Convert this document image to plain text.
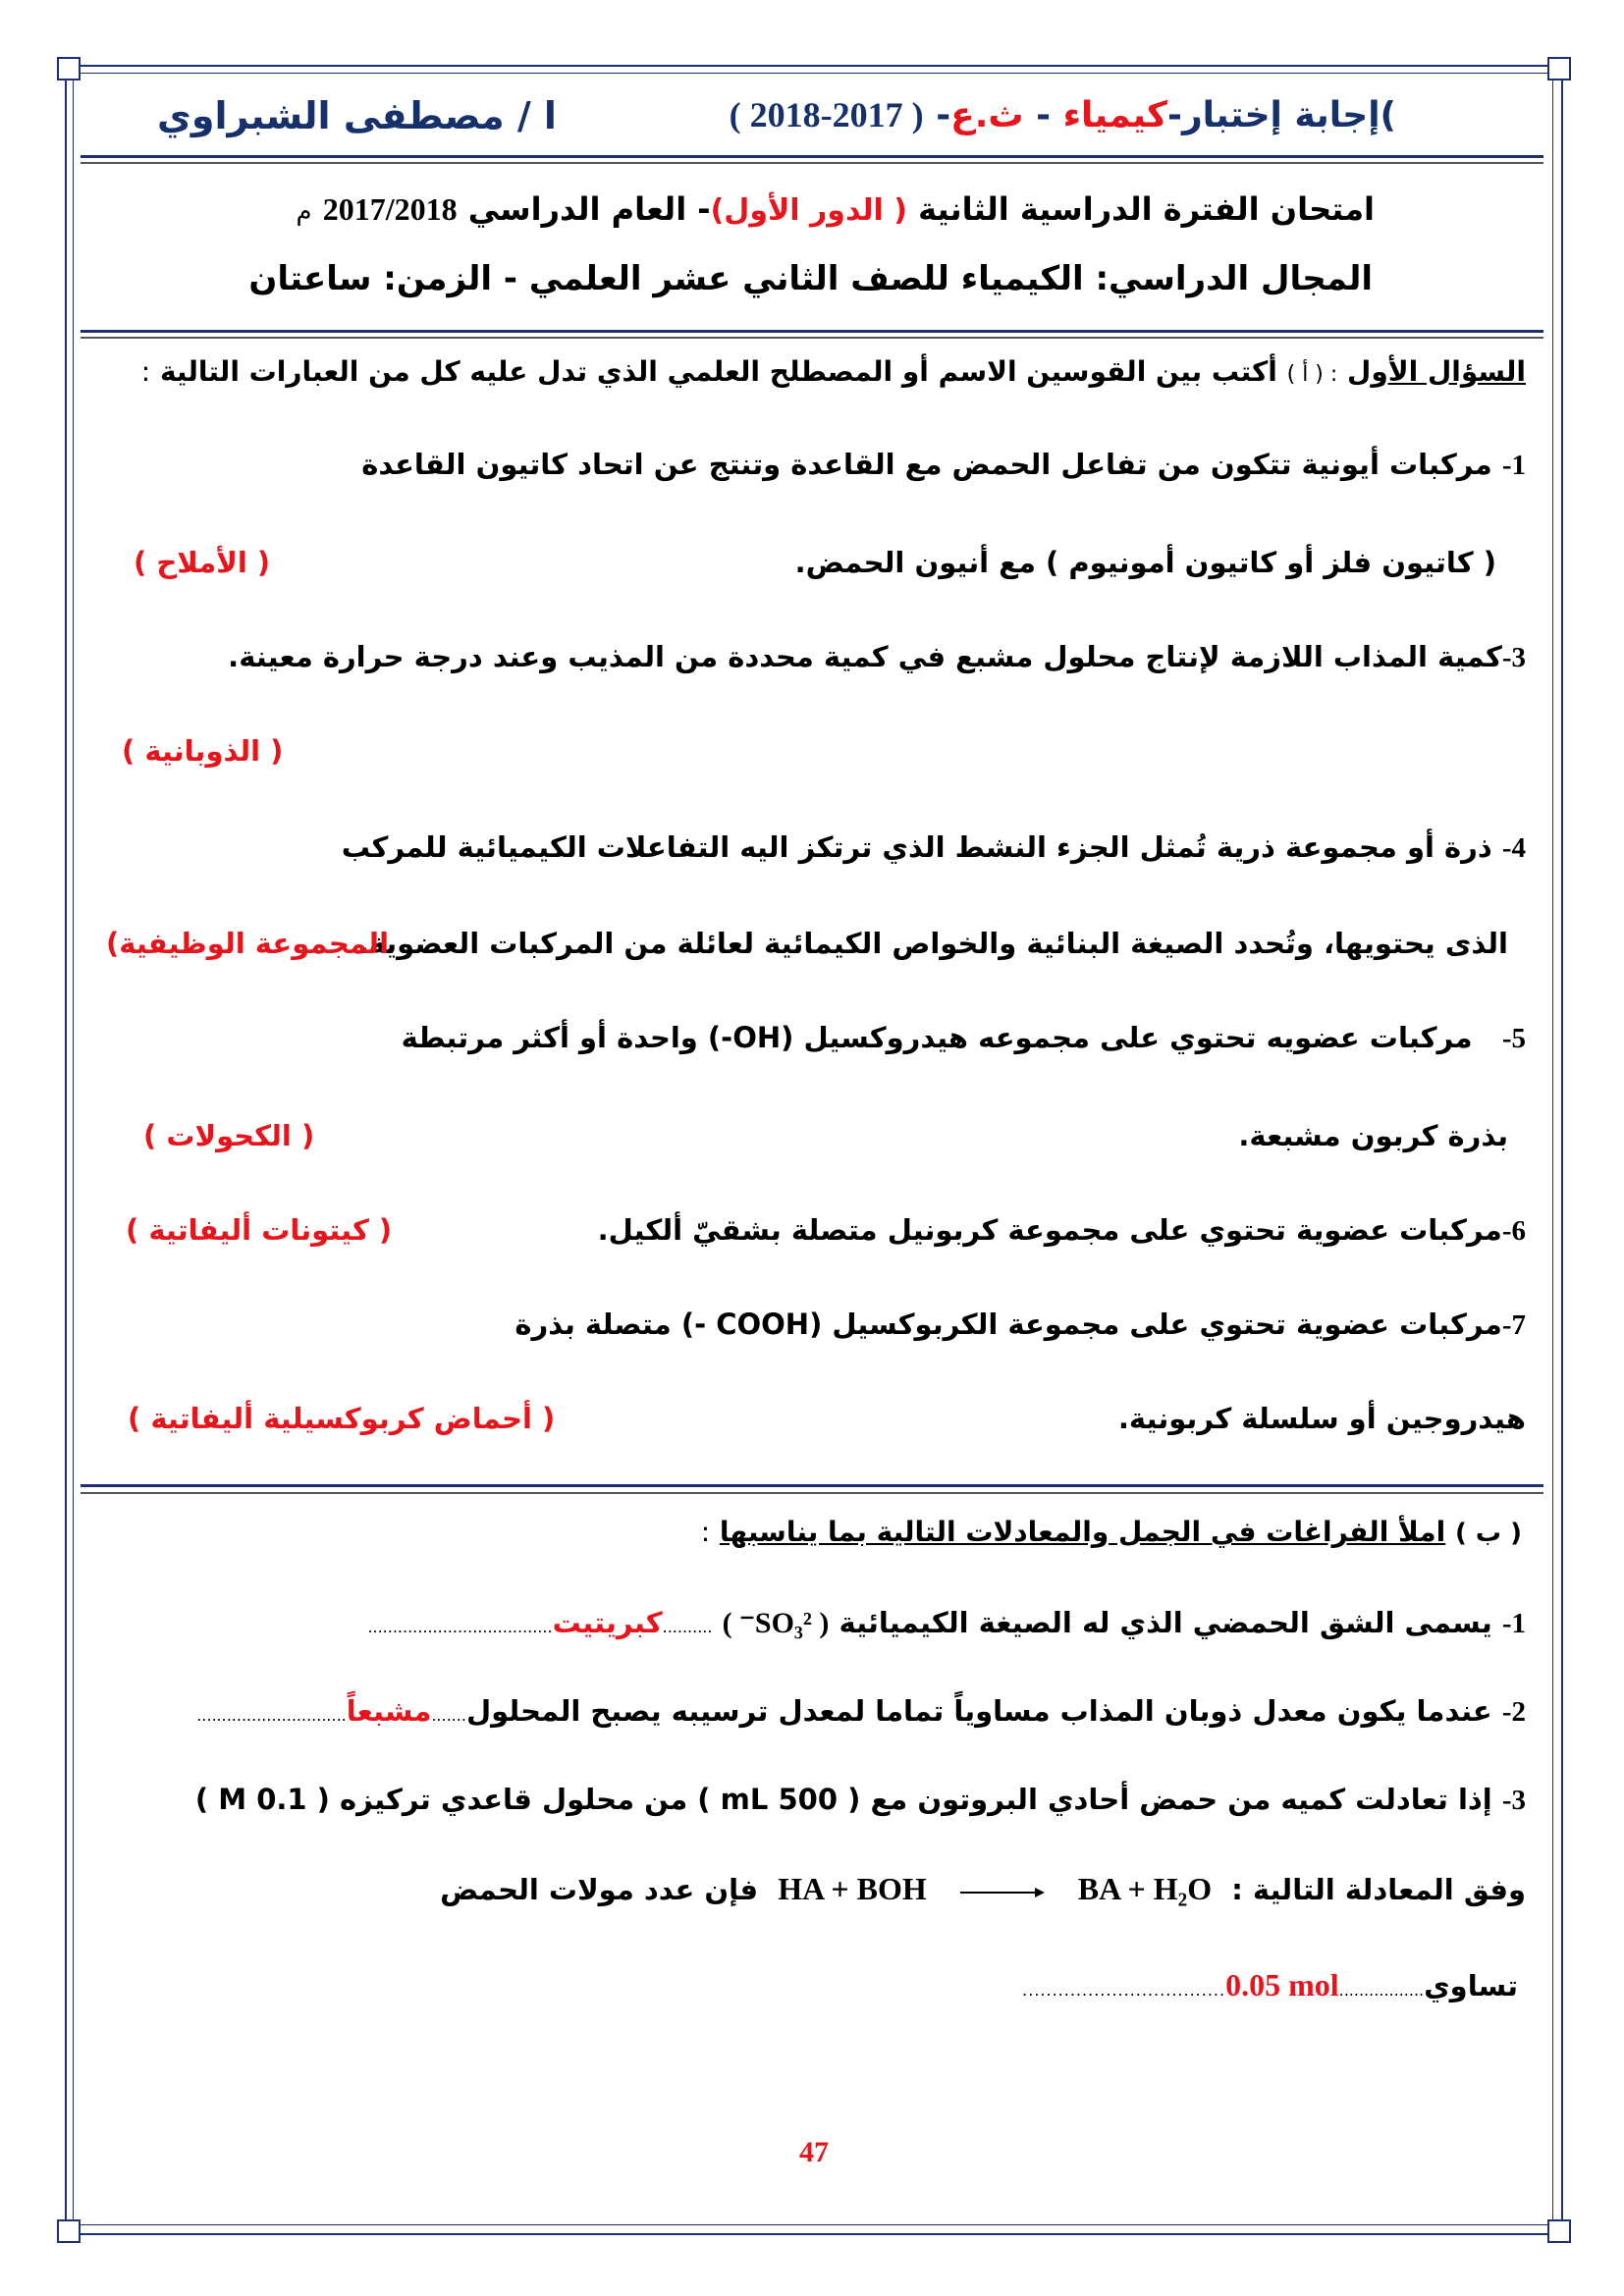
)إجابة إختبار-كيمياء - ث.ع- ( 2017-2018 )
ا / مصطفى الشبراوي
امتحان الفترة الدراسية الثانية ( الدور الأول)- العام الدراسي 2017/2018 م
المجال الدراسي: الكيمياء للصف الثاني عشر العلمي - الزمن: ساعتان
السؤال الأول : ( أ ) أكتب بين القوسين الاسم أو المصطلح العلمي الذي تدل عليه كل من العبارات التالية :
1- مركبات أيونية تتكون من تفاعل الحمض مع القاعدة وتنتج عن اتحاد كاتيون القاعدة
( كاتيون فلز أو كاتيون أمونيوم ) مع أنيون الحمض.
( الأملاح )
3-كمية المذاب اللازمة لإنتاج محلول مشبع في كمية محددة من المذيب وعند درجة حرارة معينة.
( الذوبانية )
4- ذرة أو مجموعة ذرية تُمثل الجزء النشط الذي ترتكز اليه التفاعلات الكيميائية للمركب
الذى يحتويها، وتُحدد الصيغة البنائية والخواص الكيمائية لعائلة من المركبات العضوية.
المجموعة الوظيفية)
5-   مركبات عضويه تحتوي على مجموعه هيدروكسيل (OH-) واحدة أو أكثر مرتبطة
بذرة كربون مشبعة.
( الكحولات )
6-مركبات عضوية تحتوي على مجموعة كربونيل متصلة بشقيّ ألكيل.
( كيتونات أليفاتية )
7-مركبات عضوية تحتوي على مجموعة الكربوكسيل (COOH -) متصلة بذرة
هيدروجين أو سلسلة كربونية.
( أحماض كربوكسيلية أليفاتية )
( ب ) املأ الفراغات في الجمل والمعادلات التالية بما يناسبها :
1- يسمى الشق الحمضي الذي له الصيغة الكيميائية ( SO₃²⁻ ) ..........كبريتيت.....................................
2- عندما يكون معدل ذوبان المذاب مساوياً تماما لمعدل ترسيبه يصبح المحلول.......مشبعاً..............................
3- إذا تعادلت كميه من حمض أحادي البروتون مع ( 500 mL ) من محلول قاعدي تركيزه ( 0.1 M )
وفق المعادلة التالية : HA + BOH → BA + H₂O فإن عدد مولات الحمض
تساوي.................0.05 mol..................................
47
